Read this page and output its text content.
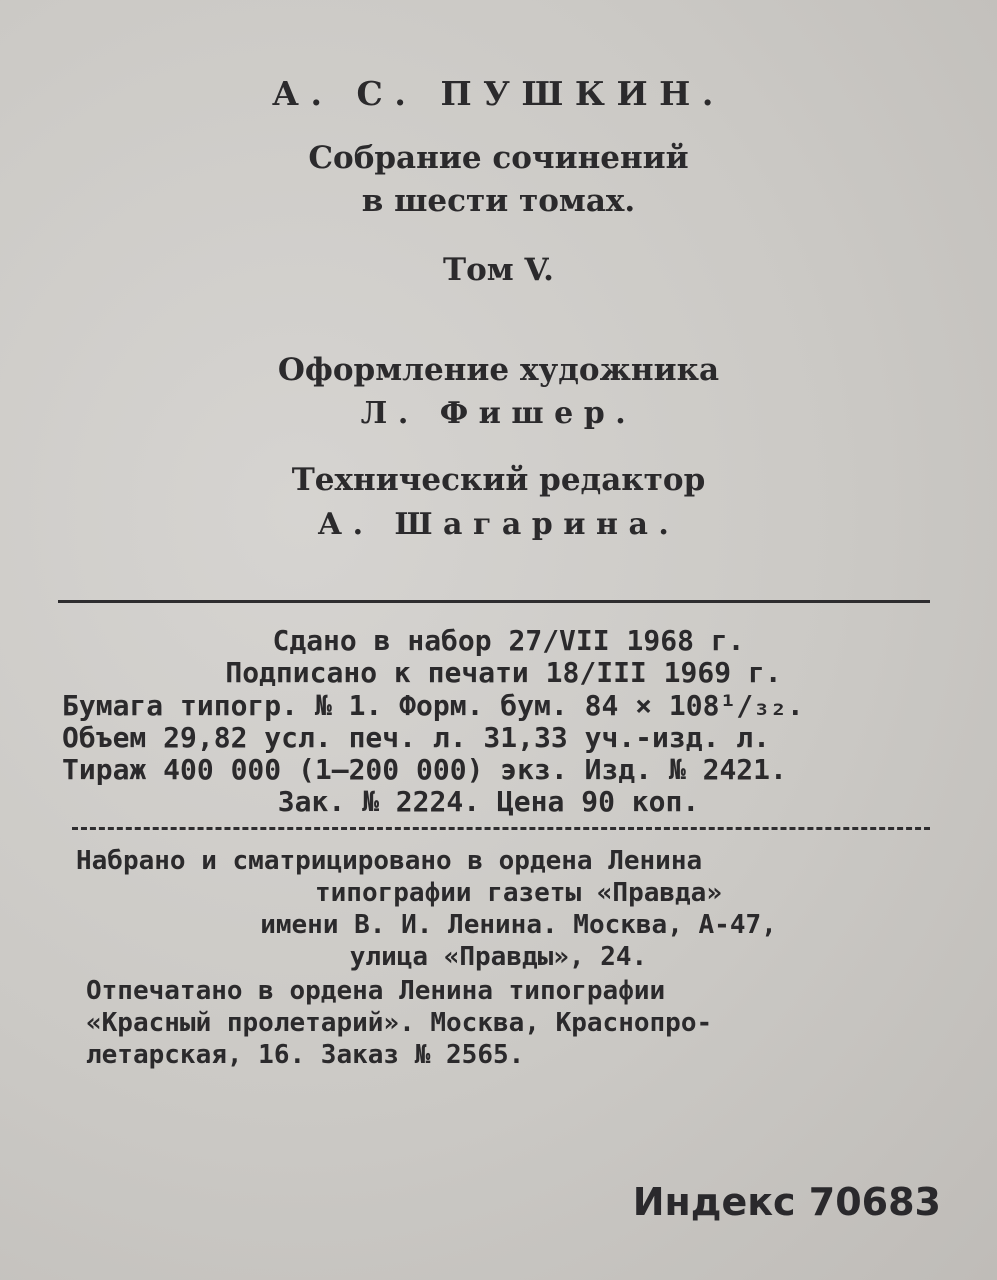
А. С. ПУШКИН.
Собрание сочинений
в шести томах.
Том V.
Оформление художника
Л. Фишер.
Технический редактор
А. Шагарина.
Сдано в набор 27/VII 1968 г.
Подписано к печати 18/III 1969 г.
Бумага типогр. № 1. Форм. бум. 84 × 108¹/₃₂.
Объем 29,82 усл. печ. л. 31,33 уч.-изд. л.
Тираж 400 000 (1—200 000) экз. Изд. № 2421.
Зак. № 2224. Цена 90 коп.
Набрано и сматрицировано в ордена Ленина
типографии газеты «Правда»
имени В. И. Ленина. Москва, А-47,
улица «Правды», 24.
Отпечатано в ордена Ленина типографии
«Красный пролетарий». Москва, Краснопро-
летарская, 16. Заказ № 2565.
Индекс 70683
